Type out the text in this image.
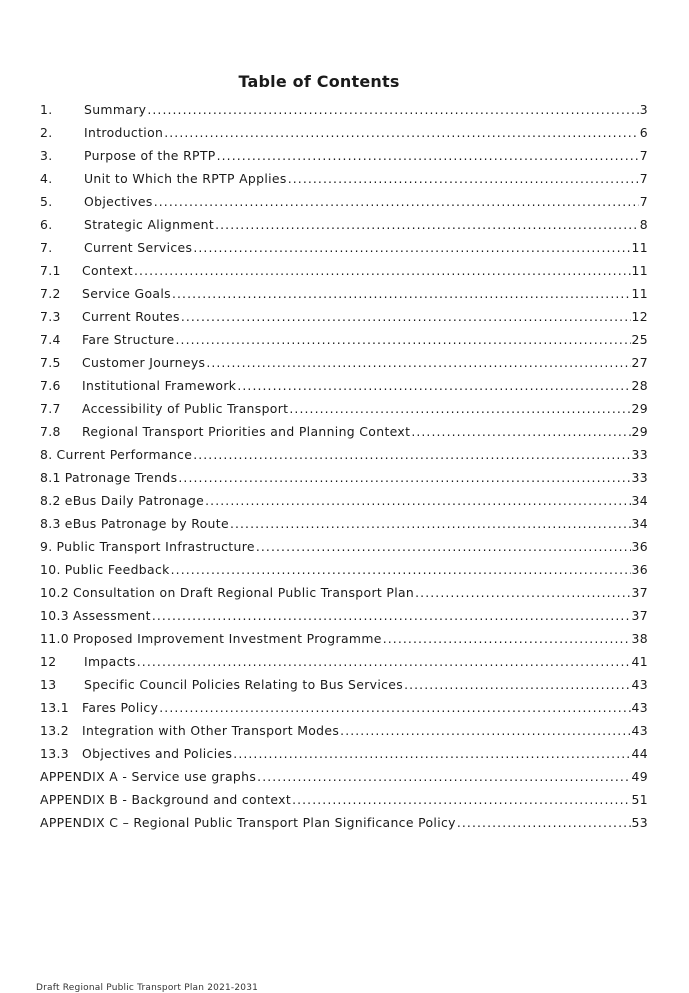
Table of Contents
1.	Summary .....	3
2.	Introduction .....	6
3.	Purpose of the RPTP .....	7
4.	Unit to Which the RPTP Applies .....	7
5.	Objectives .....	7
6.	Strategic Alignment .....	8
7.	Current Services .....	11
7.1	Context .....	11
7.2	Service Goals .....	11
7.3	Current Routes .....	12
7.4	Fare Structure .....	25
7.5	Customer Journeys .....	27
7.6	Institutional Framework .....	28
7.7	Accessibility of Public Transport .....	29
7.8	Regional Transport Priorities and Planning Context .....	29
8. Current Performance .....	33
8.1 Patronage Trends .....	33
8.2 eBus Daily Patronage .....	34
8.3 eBus Patronage by Route .....	34
9. Public Transport Infrastructure .....	36
10. Public Feedback .....	36
10.2 Consultation on Draft Regional Public Transport Plan .....	37
10.3 Assessment .....	37
11.0 Proposed Improvement Investment Programme .....	38
12	Impacts .....	41
13	Specific Council Policies Relating to Bus Services .....	43
13.1	Fares Policy .....	43
13.2	Integration with Other Transport Modes .....	43
13.3	Objectives and Policies .....	44
APPENDIX A - Service use graphs .....	49
APPENDIX B - Background and context .....	51
APPENDIX C – Regional Public Transport Plan Significance Policy .....	53
Draft Regional Public Transport Plan 2021-2031
